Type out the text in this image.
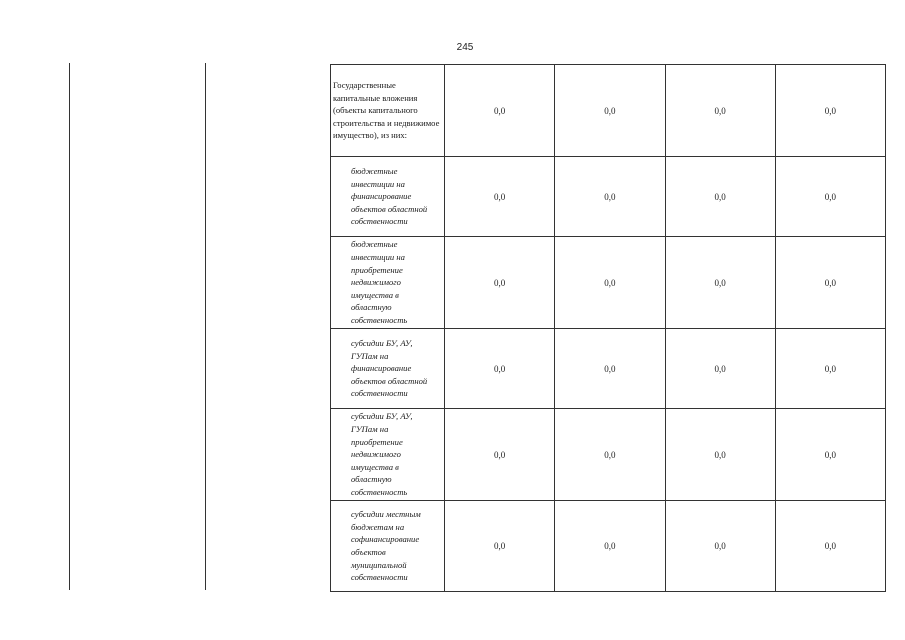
245
Государственные капитальные вложения (объекты капитального строительства и недвижимое имущество), из них:	0,0	0,0	0,0	0,0

бюджетные инвестиции на финансирование объектов областной собственности	0,0	0,0	0,0	0,0

бюджетные инвестиции на приобретение недвижимого имущества в областную собственность	0,0	0,0	0,0	0,0

субсидии БУ, АУ, ГУПам на финансирование объектов областной собственности	0,0	0,0	0,0	0,0

субсидии БУ, АУ, ГУПам на приобретение недвижимого имущества в областную собственность	0,0	0,0	0,0	0,0

субсидии местным бюджетам на софинансирование объектов муниципальной собственности	0,0	0,0	0,0	0,0
